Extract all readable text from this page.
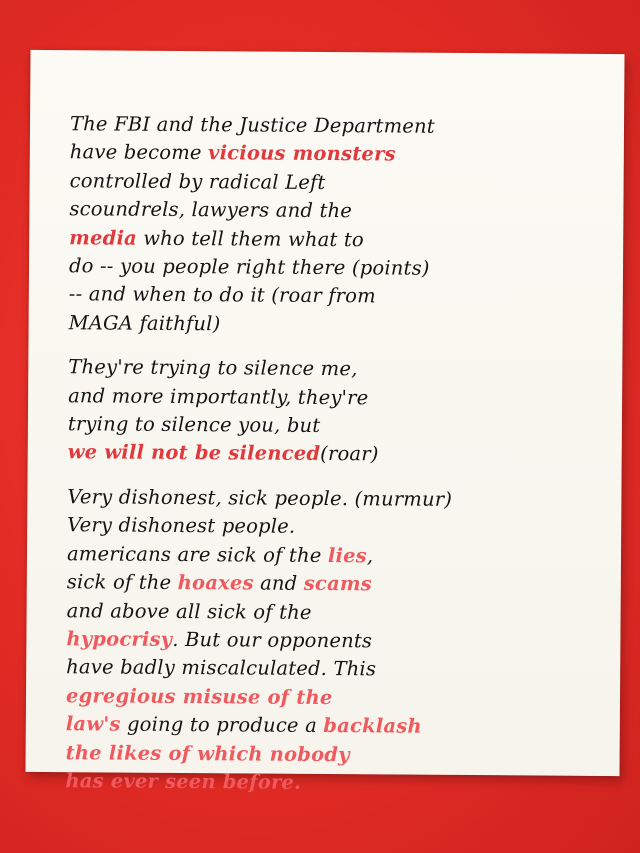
The FBI and the Justice Department
have become vicious monsters
controlled by radical Left
scoundrels, lawyers and the
media who tell them what to
do -- you people right there (points)
-- and when to do it (roar from
MAGA faithful)

They're trying to silence me,
and more importantly, they're
trying to silence you, but
we will not be silenced(roar)

Very dishonest, sick people. (murmur)
Very dishonest people.
americans are sick of the lies,
sick of the hoaxes and scams
and above all sick of the
hypocrisy. But our opponents
have badly miscalculated. This
egregious misuse of the
law's going to produce a backlash
the likes of which nobody
has ever seen before.
